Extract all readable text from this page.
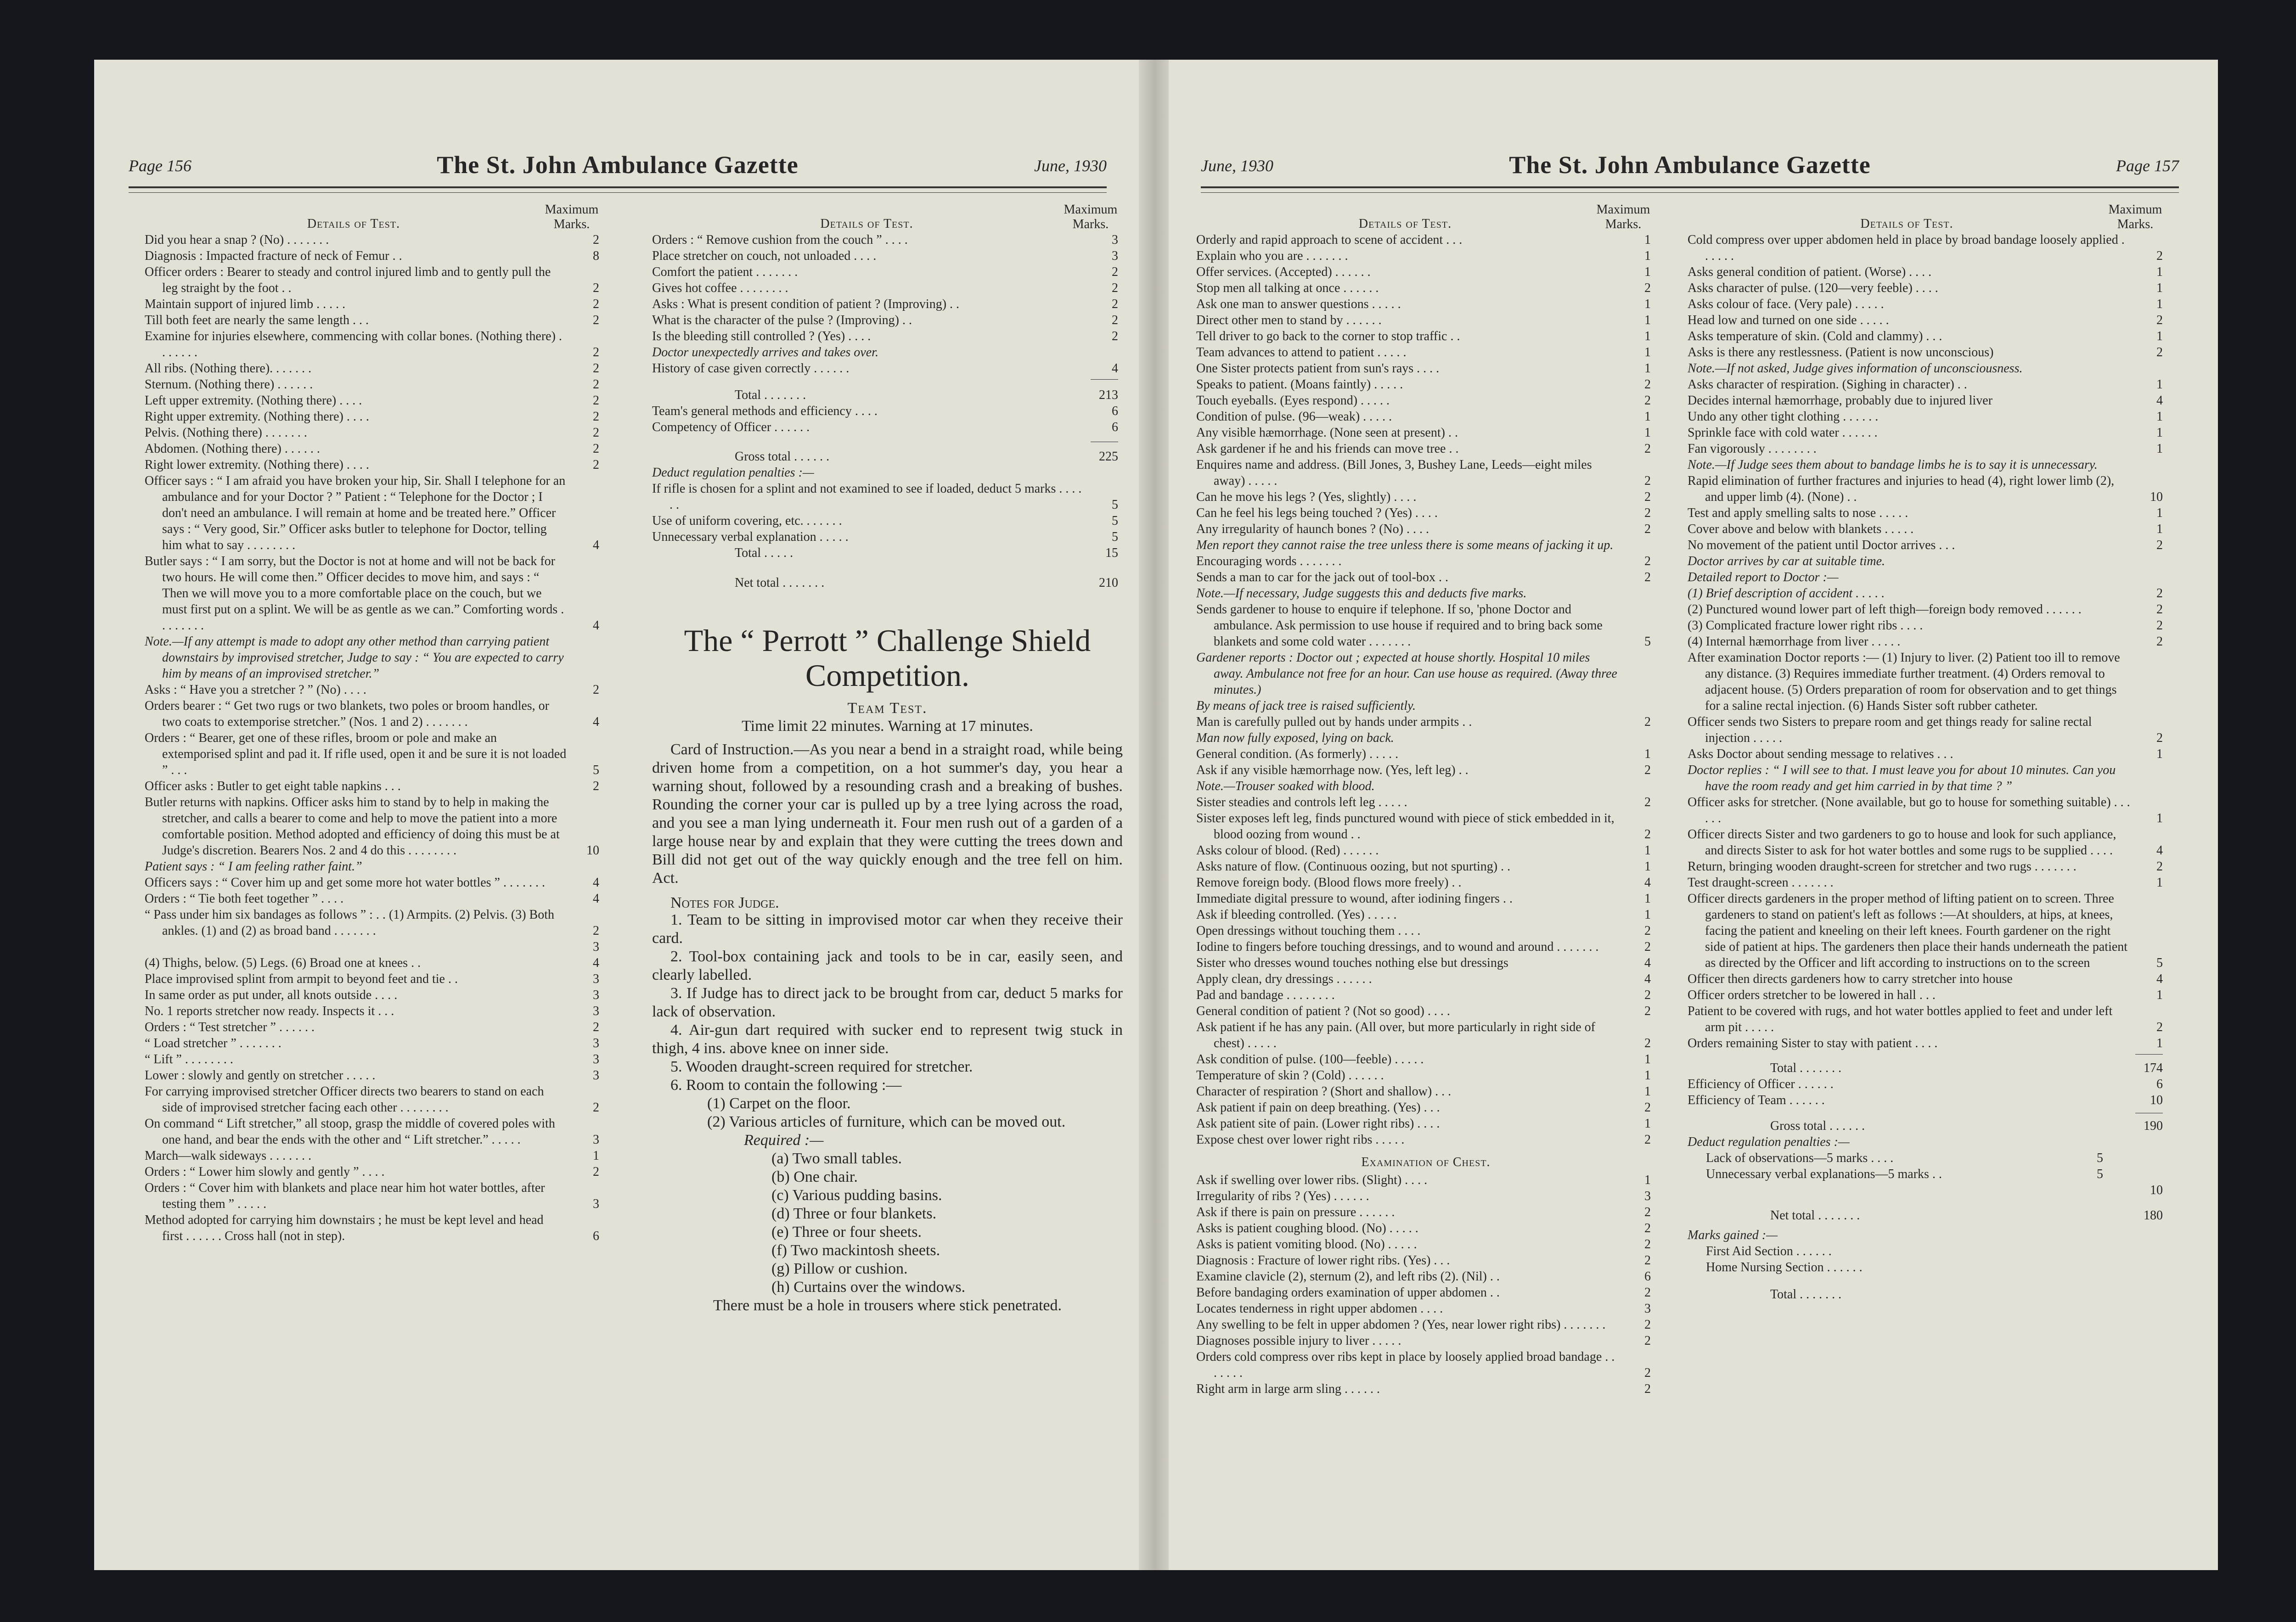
Page 156	The St. John Ambulance Gazette	June, 1930
Details of Test.
Maximum Marks.
Did you hear a snap ? (No) . . . . . . .	2
Diagnosis : Impacted fracture of neck of Femur . .	8
Officer orders : Bearer to steady and control injured limb and to gently pull the leg straight by the foot . .	2
Maintain support of injured limb . . . . .	2
Till both feet are nearly the same length . . .	2
Examine for injuries elsewhere, commencing with collar bones. (Nothing there) . . . . . . .	2
All ribs. (Nothing there). . . . . . .	2
Sternum. (Nothing there) . . . . . .	2
Left upper extremity. (Nothing there) . . . .	2
Right upper extremity. (Nothing there) . . . .	2
Pelvis. (Nothing there) . . . . . . .	2
Abdomen. (Nothing there) . . . . . .	2
Right lower extremity. (Nothing there) . . . .	2
Officer says : “ I am afraid you have broken your hip, Sir. Shall I telephone for an ambulance and for your Doctor ? ” Patient : “ Telephone for the Doctor ; I don't need an ambulance. I will remain at home and be treated here.” Officer says : “ Very good, Sir.” Officer asks butler to telephone for Doctor, telling him what to say . . . . . . . .	4
Butler says : “ I am sorry, but the Doctor is not at home and will not be back for two hours. He will come then.” Officer decides to move him, and says : “ Then we will move you to a more comfortable place on the couch, but we must first put on a splint. We will be as gentle as we can.” Comforting words . . . . . . . .	4
Note.—If any attempt is made to adopt any other method than carrying patient downstairs by improvised stretcher, Judge to say : “ You are expected to carry him by means of an improvised stretcher.”
Asks : “ Have you a stretcher ? ” (No) . . . .	2
Orders bearer : “ Get two rugs or two blankets, two poles or broom handles, or two coats to extemporise stretcher.” (Nos. 1 and 2) . . . . . . .	4
Orders : “ Bearer, get one of these rifles, broom or pole and make an extemporised splint and pad it. If rifle used, open it and be sure it is not loaded ” . . .	5
Officer asks : Butler to get eight table napkins . . .	2
Butler returns with napkins. Officer asks him to stand by to help in making the stretcher, and calls a bearer to come and help to move the patient into a more comfortable position. Method adopted and efficiency of doing this must be at Judge's discretion. Bearers Nos. 2 and 4 do this . . . . . . . .	10
Patient says : “ I am feeling rather faint.”
Officers says : “ Cover him up and get some more hot water bottles ” . . . . . . .	4
Orders : “ Tie both feet together ” . . . .	4
“ Pass under him six bandages as follows ” : . . (1) Armpits. (2) Pelvis. (3) Both ankles. (1) and (2) as broad band . . . . . . .	2
3
(4) Thighs, below. (5) Legs. (6) Broad one at knees . .	4
Place improvised splint from armpit to beyond feet and tie . .	3
In same order as put under, all knots outside . . . .	3
No. 1 reports stretcher now ready. Inspects it . . .	3
Orders : “ Test stretcher ” . . . . . .	2
“ Load stretcher ” . . . . . . .	3
“ Lift ” . . . . . . . .	3
Lower : slowly and gently on stretcher . . . . .	3
For carrying improvised stretcher Officer directs two bearers to stand on each side of improvised stretcher facing each other . . . . . . . .	2
On command “ Lift stretcher,” all stoop, grasp the middle of covered poles with one hand, and bear the ends with the other and “ Lift stretcher.” . . . . .	3
March—walk sideways . . . . . . .	1
Orders : “ Lower him slowly and gently ” . . . .	2
Orders : “ Cover him with blankets and place near him hot water bottles, after testing them ” . . . . .	3
Method adopted for carrying him downstairs ; he must be kept level and head first . . . . . . Cross hall (not in step).	6
Details of Test.
Maximum Marks.
Orders : “ Remove cushion from the couch ” . . . .	3
Place stretcher on couch, not unloaded . . . .	3
Comfort the patient . . . . . . .	2
Gives hot coffee . . . . . . . .	2
Asks : What is present condition of patient ? (Improving) . .	2
What is the character of the pulse ? (Improving) . .	2
Is the bleeding still controlled ? (Yes) . . . .	2
Doctor unexpectedly arrives and takes over.
History of case given correctly . . . . . .	4
Total . . . . . . .	213
Team's general methods and efficiency . . . .	6
Competency of Officer . . . . . .	6
Gross total . . . . . .	225
Deduct regulation penalties :—
If rifle is chosen for a splint and not examined to see if loaded, deduct 5 marks . . . . . .	5
Use of uniform covering, etc. . . . . . .	5
Unnecessary verbal explanation . . . . .	5
Total . . . . .	15
Net total . . . . . . .	210
The “ Perrott ” Challenge Shield Competition.
Team Test.
Time limit 22 minutes. Warning at 17 minutes.
Card of Instruction.—As you near a bend in a straight road, while being driven home from a competition, on a hot summer's day, you hear a warning shout, followed by a resounding crash and a breaking of bushes. Rounding the corner your car is pulled up by a tree lying across the road, and you see a man lying underneath it. Four men rush out of a garden of a large house near by and explain that they were cutting the trees down and Bill did not get out of the way quickly enough and the tree fell on him. Act.
Notes for Judge.
1. Team to be sitting in improvised motor car when they receive their card.
2. Tool-box containing jack and tools to be in car, easily seen, and clearly labelled.
3. If Judge has to direct jack to be brought from car, deduct 5 marks for lack of observation.
4. Air-gun dart required with sucker end to represent twig stuck in thigh, 4 ins. above knee on inner side.
5. Wooden draught-screen required for stretcher.
6. Room to contain the following :—
(1) Carpet on the floor.
(2) Various articles of furniture, which can be moved out.
Required :—
(a) Two small tables.
(b) One chair.
(c) Various pudding basins.
(d) Three or four blankets.
(e) Three or four sheets.
(f) Two mackintosh sheets.
(g) Pillow or cushion.
(h) Curtains over the windows.
There must be a hole in trousers where stick penetrated.
June, 1930	The St. John Ambulance Gazette	Page 157
Details of Test.
Maximum Marks.
Orderly and rapid approach to scene of accident . . .	1
Explain who you are . . . . . . .	1
Offer services. (Accepted) . . . . . .	1
Stop men all talking at once . . . . . .	2
Ask one man to answer questions . . . . .	1
Direct other men to stand by . . . . . .	1
Tell driver to go back to the corner to stop traffic . .	1
Team advances to attend to patient . . . . .	1
One Sister protects patient from sun's rays . . . .	1
Speaks to patient. (Moans faintly) . . . . .	2
Touch eyeballs. (Eyes respond) . . . . .	2
Condition of pulse. (96—weak) . . . . .	1
Any visible hæmorrhage. (None seen at present) . .	1
Ask gardener if he and his friends can move tree . .	2
Enquires name and address. (Bill Jones, 3, Bushey Lane, Leeds—eight miles away) . . . . .	2
Can he move his legs ? (Yes, slightly) . . . .	2
Can he feel his legs being touched ? (Yes) . . . .	2
Any irregularity of haunch bones ? (No) . . . .	2
Men report they cannot raise the tree unless there is some means of jacking it up.
Encouraging words . . . . . . .	2
Sends a man to car for the jack out of tool-box . .	2
Note.—If necessary, Judge suggests this and deducts five marks.
Sends gardener to house to enquire if telephone. If so, 'phone Doctor and ambulance. Ask permission to use house if required and to bring back some blankets and some cold water . . . . . . .	5
Gardener reports : Doctor out ; expected at house shortly. Hospital 10 miles away. Ambulance not free for an hour. Can use house as required. (Away three minutes.)
By means of jack tree is raised sufficiently.
Man is carefully pulled out by hands under armpits . .	2
Man now fully exposed, lying on back.
General condition. (As formerly) . . . . .	1
Ask if any visible hæmorrhage now. (Yes, left leg) . .	2
Note.—Trouser soaked with blood.
Sister steadies and controls left leg . . . . .	2
Sister exposes left leg, finds punctured wound with piece of stick embedded in it, blood oozing from wound . .	2
Asks colour of blood. (Red) . . . . . .	1
Asks nature of flow. (Continuous oozing, but not spurting) . .	1
Remove foreign body. (Blood flows more freely) . .	4
Immediate digital pressure to wound, after iodining fingers . .	1
Ask if bleeding controlled. (Yes) . . . . .	1
Open dressings without touching them . . . .	2
Iodine to fingers before touching dressings, and to wound and around . . . . . . .	2
Sister who dresses wound touches nothing else but dressings	4
Apply clean, dry dressings . . . . . .	4
Pad and bandage . . . . . . . .	2
General condition of patient ? (Not so good) . . . .	2
Ask patient if he has any pain. (All over, but more particularly in right side of chest) . . . . .	2
Ask condition of pulse. (100—feeble) . . . . .	1
Temperature of skin ? (Cold) . . . . . .	1
Character of respiration ? (Short and shallow) . . .	1
Ask patient if pain on deep breathing. (Yes) . . .	2
Ask patient site of pain. (Lower right ribs) . . . .	1
Expose chest over lower right ribs . . . . .	2
Examination of Chest.
Ask if swelling over lower ribs. (Slight) . . . .	1
Irregularity of ribs ? (Yes) . . . . . .	3
Ask if there is pain on pressure . . . . . .	2
Asks is patient coughing blood. (No) . . . . .	2
Asks is patient vomiting blood. (No) . . . . .	2
Diagnosis : Fracture of lower right ribs. (Yes) . . .	2
Examine clavicle (2), sternum (2), and left ribs (2). (Nil) . .	6
Before bandaging orders examination of upper abdomen . .	2
Locates tenderness in right upper abdomen . . . .	3
Any swelling to be felt in upper abdomen ? (Yes, near lower right ribs) . . . . . . .	2
Diagnoses possible injury to liver . . . . .	2
Orders cold compress over ribs kept in place by loosely applied broad bandage . . . . . . .	2
Right arm in large arm sling . . . . . .	2
Details of Test.
Maximum Marks.
Cold compress over upper abdomen held in place by broad bandage loosely applied . . . . . .	2
Asks general condition of patient. (Worse) . . . .	1
Asks character of pulse. (120—very feeble) . . . .	1
Asks colour of face. (Very pale) . . . . .	1
Head low and turned on one side . . . . .	2
Asks temperature of skin. (Cold and clammy) . . .	1
Asks is there any restlessness. (Patient is now unconscious)	2
Note.—If not asked, Judge gives information of unconsciousness.
Asks character of respiration. (Sighing in character) . .	1
Decides internal hæmorrhage, probably due to injured liver	4
Undo any other tight clothing . . . . . .	1
Sprinkle face with cold water . . . . . .	1
Fan vigorously . . . . . . . .	1
Note.—If Judge sees them about to bandage limbs he is to say it is unnecessary.
Rapid elimination of further fractures and injuries to head (4), right lower limb (2), and upper limb (4). (None) . .	10
Test and apply smelling salts to nose . . . . .	1
Cover above and below with blankets . . . . .	1
No movement of the patient until Doctor arrives . . .	2
Doctor arrives by car at suitable time.
Detailed report to Doctor :—
(1) Brief description of accident . . . . .	2
(2) Punctured wound lower part of left thigh—foreign body removed . . . . . .	2
(3) Complicated fracture lower right ribs . . . .	2
(4) Internal hæmorrhage from liver . . . . .	2
After examination Doctor reports :— (1) Injury to liver. (2) Patient too ill to remove any distance. (3) Requires immediate further treatment. (4) Orders removal to adjacent house. (5) Orders preparation of room for observation and to get things for a saline rectal injection. (6) Hands Sister soft rubber catheter.
Officer sends two Sisters to prepare room and get things ready for saline rectal injection . . . . .	2
Asks Doctor about sending message to relatives . . .	1
Doctor replies : “ I will see to that. I must leave you for about 10 minutes. Can you have the room ready and get him carried in by that time ? ”
Officer asks for stretcher. (None available, but go to house for something suitable) . . . . . .	1
Officer directs Sister and two gardeners to go to house and look for such appliance, and directs Sister to ask for hot water bottles and some rugs to be supplied . . . .	4
Return, bringing wooden draught-screen for stretcher and two rugs . . . . . . .	2
Test draught-screen . . . . . . .	1
Officer directs gardeners in the proper method of lifting patient on to screen. Three gardeners to stand on patient's left as follows :—At shoulders, at hips, at knees, facing the patient and kneeling on their left knees. Fourth gardener on the right side of patient at hips. The gardeners then place their hands underneath the patient as directed by the Officer and lift according to instructions on to the screen	5
Officer then directs gardeners how to carry stretcher into house	4
Officer orders stretcher to be lowered in hall . . .	1
Patient to be covered with rugs, and hot water bottles applied to feet and under left arm pit . . . . .	2
Orders remaining Sister to stay with patient . . . .	1
Total . . . . . . .	174
Efficiency of Officer . . . . . .	6
Efficiency of Team . . . . . .	10
Gross total . . . . . .	190
Deduct regulation penalties :—
Lack of observations—5 marks . . . .	5
Unnecessary verbal explanations—5 marks . .	5
10
Net total . . . . . . .	180
Marks gained :—
First Aid Section . . . . . .
Home Nursing Section . . . . . .
Total . . . . . . .
